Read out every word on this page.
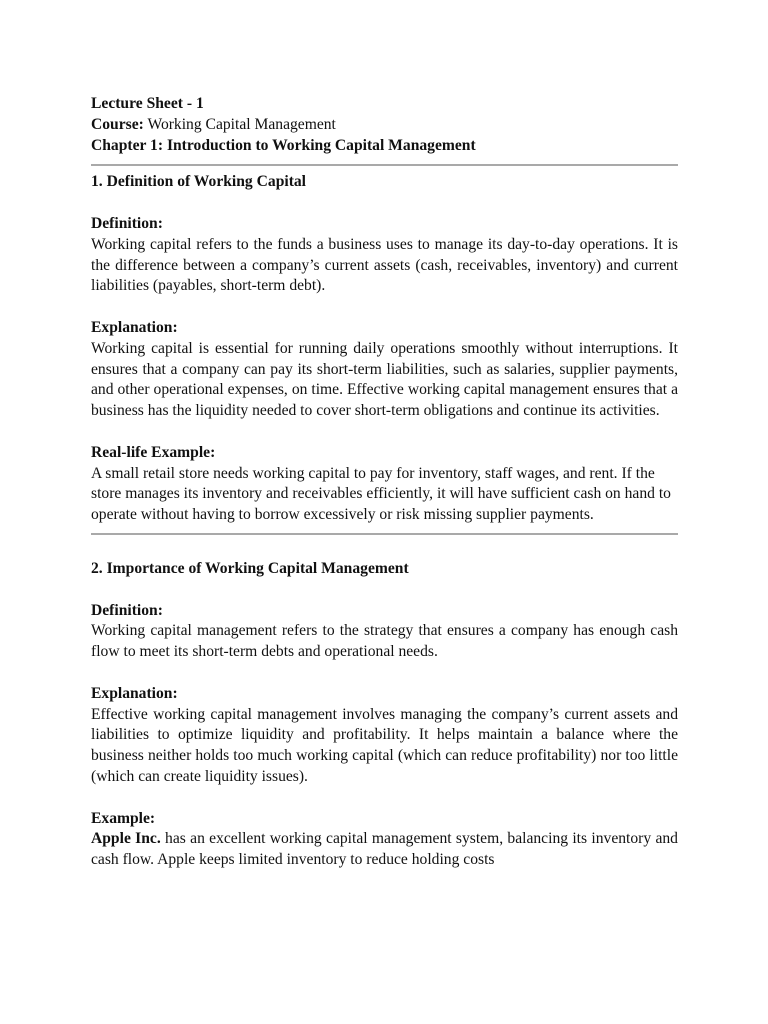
Lecture Sheet - 1
Course: Working Capital Management
Chapter 1: Introduction to Working Capital Management
1. Definition of Working Capital
Definition:
Working capital refers to the funds a business uses to manage its day-to-day operations. It is the difference between a company’s current assets (cash, receivables, inventory) and current liabilities (payables, short-term debt).
Explanation:
Working capital is essential for running daily operations smoothly without interruptions. It ensures that a company can pay its short-term liabilities, such as salaries, supplier payments, and other operational expenses, on time. Effective working capital management ensures that a business has the liquidity needed to cover short-term obligations and continue its activities.
Real-life Example:
A small retail store needs working capital to pay for inventory, staff wages, and rent. If the store manages its inventory and receivables efficiently, it will have sufficient cash on hand to operate without having to borrow excessively or risk missing supplier payments.
2. Importance of Working Capital Management
Definition:
Working capital management refers to the strategy that ensures a company has enough cash flow to meet its short-term debts and operational needs.
Explanation:
Effective working capital management involves managing the company’s current assets and liabilities to optimize liquidity and profitability. It helps maintain a balance where the business neither holds too much working capital (which can reduce profitability) nor too little (which can create liquidity issues).
Example:
Apple Inc. has an excellent working capital management system, balancing its inventory and cash flow. Apple keeps limited inventory to reduce holding costs
